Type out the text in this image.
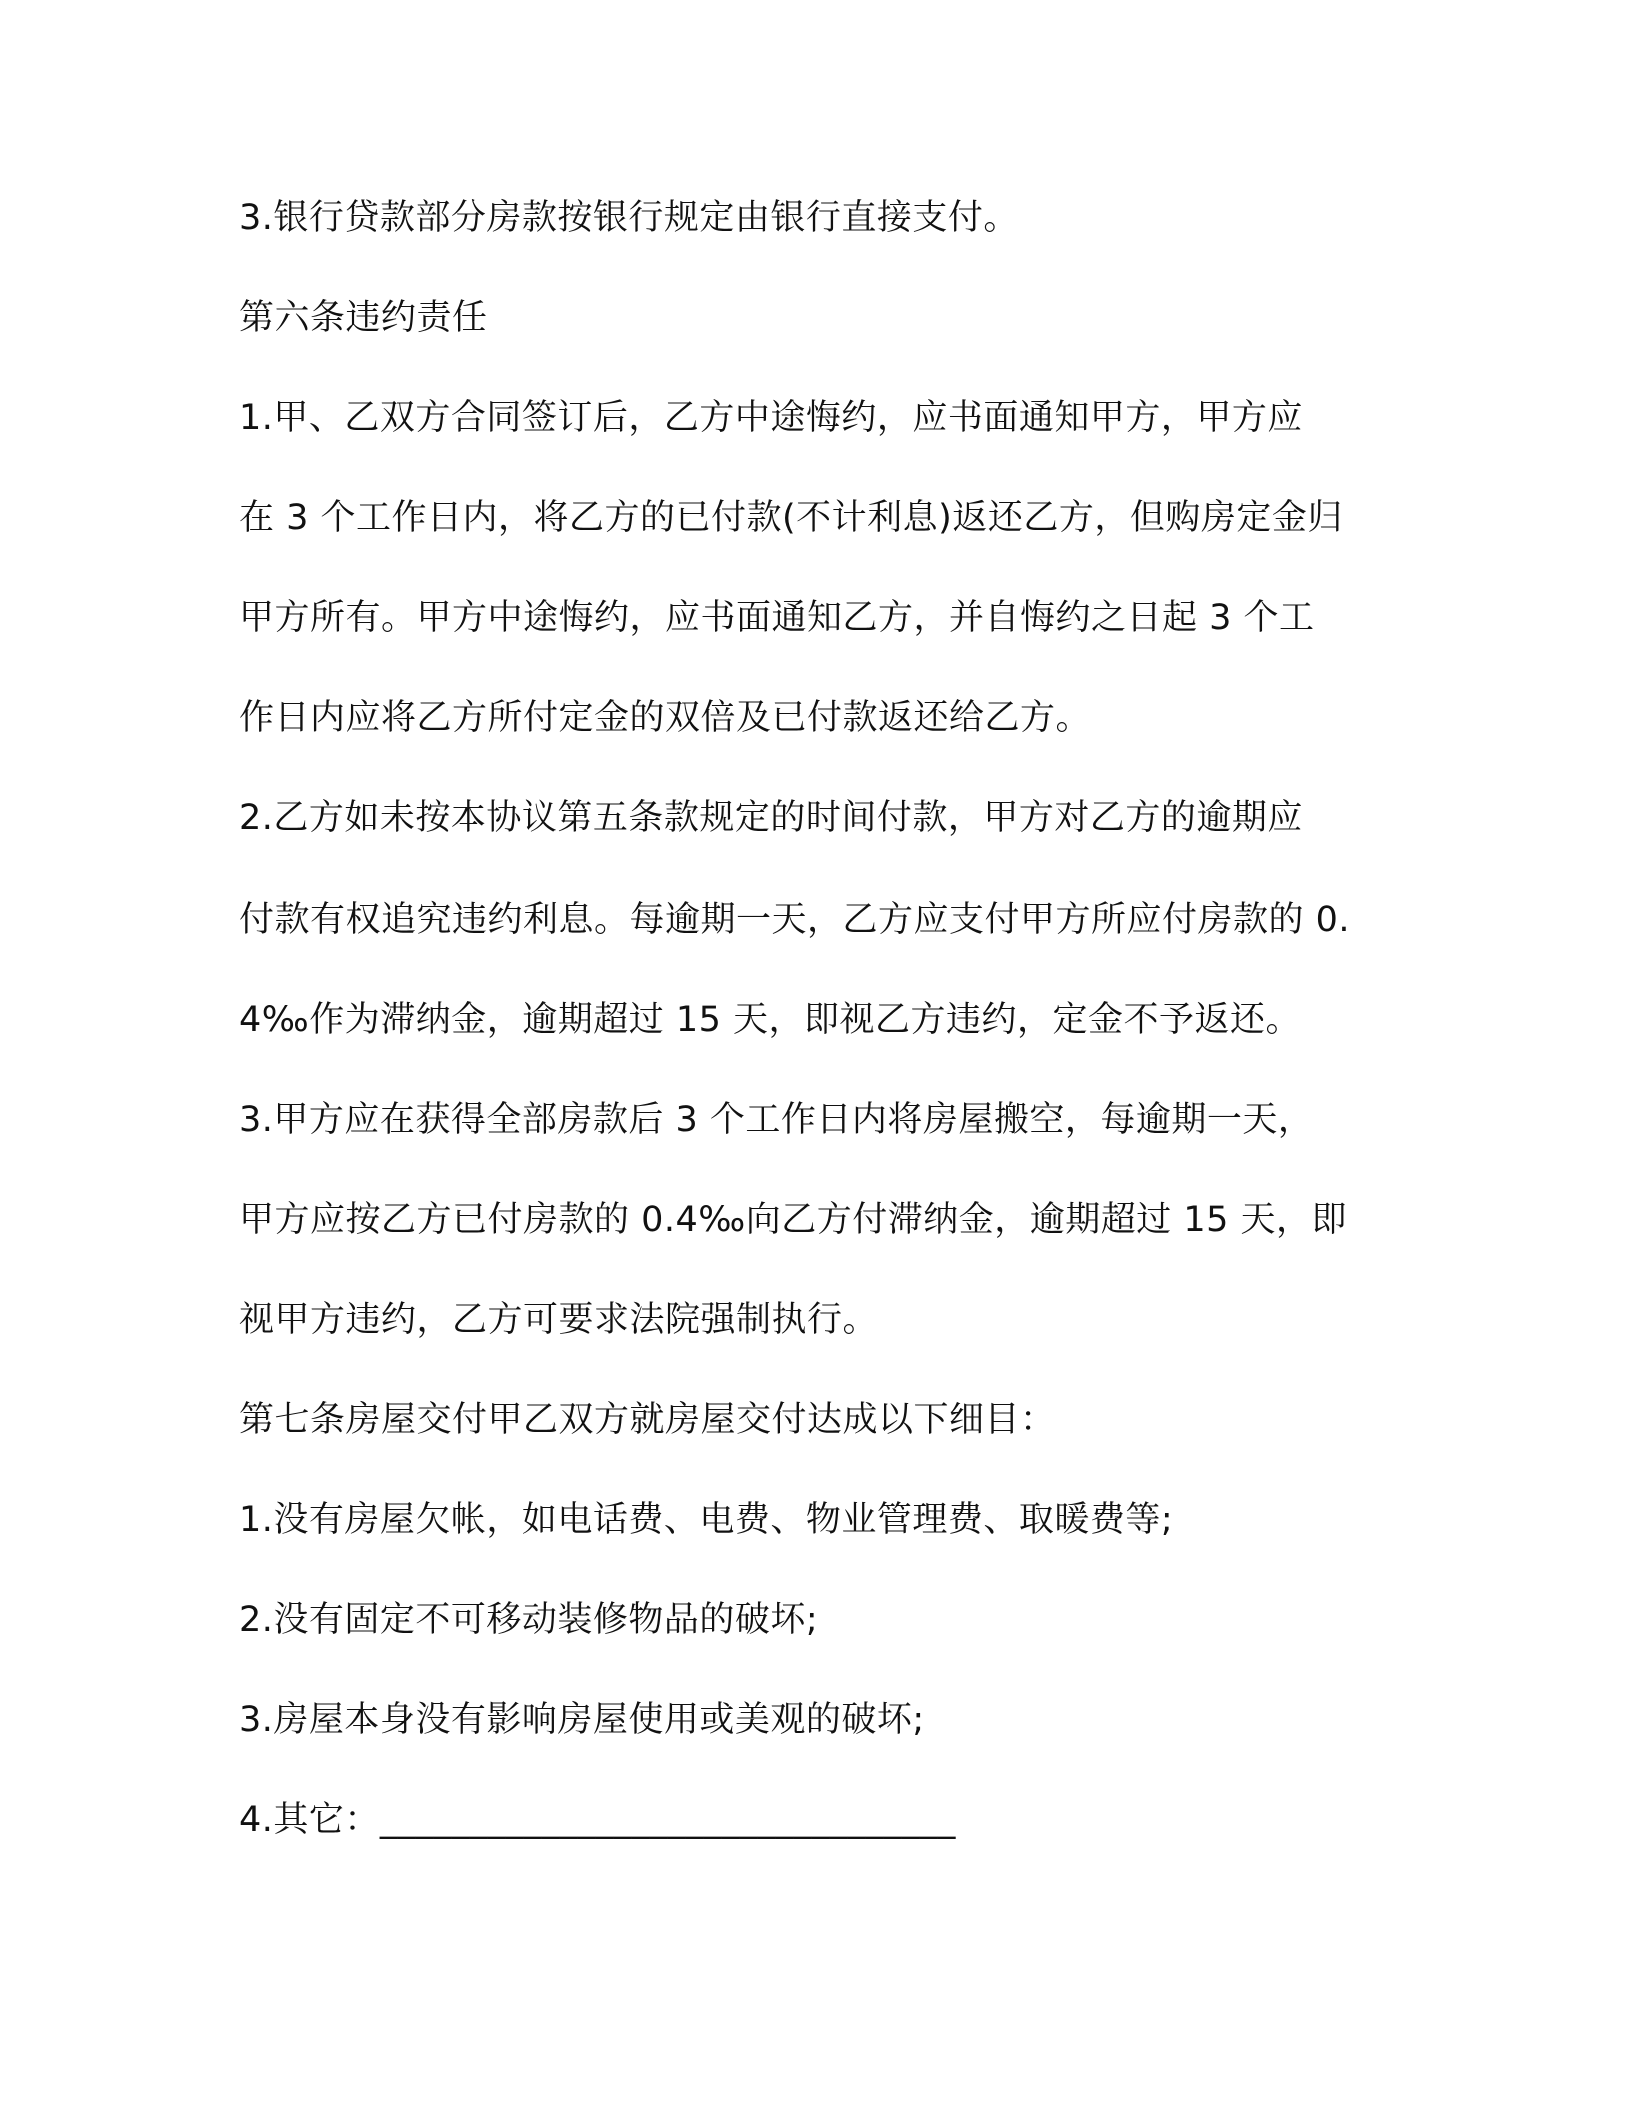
3.银行贷款部分房款按银行规定由银行直接支付。
第六条违约责任
1.甲、乙双方合同签订后，乙方中途悔约，应书面通知甲方，甲方应
在 3 个工作日内，将乙方的已付款(不计利息)返还乙方，但购房定金归
甲方所有。甲方中途悔约，应书面通知乙方，并自悔约之日起 3 个工
作日内应将乙方所付定金的双倍及已付款返还给乙方。
2.乙方如未按本协议第五条款规定的时间付款，甲方对乙方的逾期应
付款有权追究违约利息。每逾期一天，乙方应支付甲方所应付房款的 0.
4‰作为滞纳金，逾期超过 15 天，即视乙方违约，定金不予返还。
3.甲方应在获得全部房款后 3 个工作日内将房屋搬空，每逾期一天，
甲方应按乙方已付房款的 0.4‰向乙方付滞纳金，逾期超过 15 天，即
视甲方违约，乙方可要求法院强制执行。
第七条房屋交付甲乙双方就房屋交付达成以下细目：
1.没有房屋欠帐，如电话费、电费、物业管理费、取暖费等;
2.没有固定不可移动装修物品的破坏;
3.房屋本身没有影响房屋使用或美观的破坏;
4.其它：________________________________
